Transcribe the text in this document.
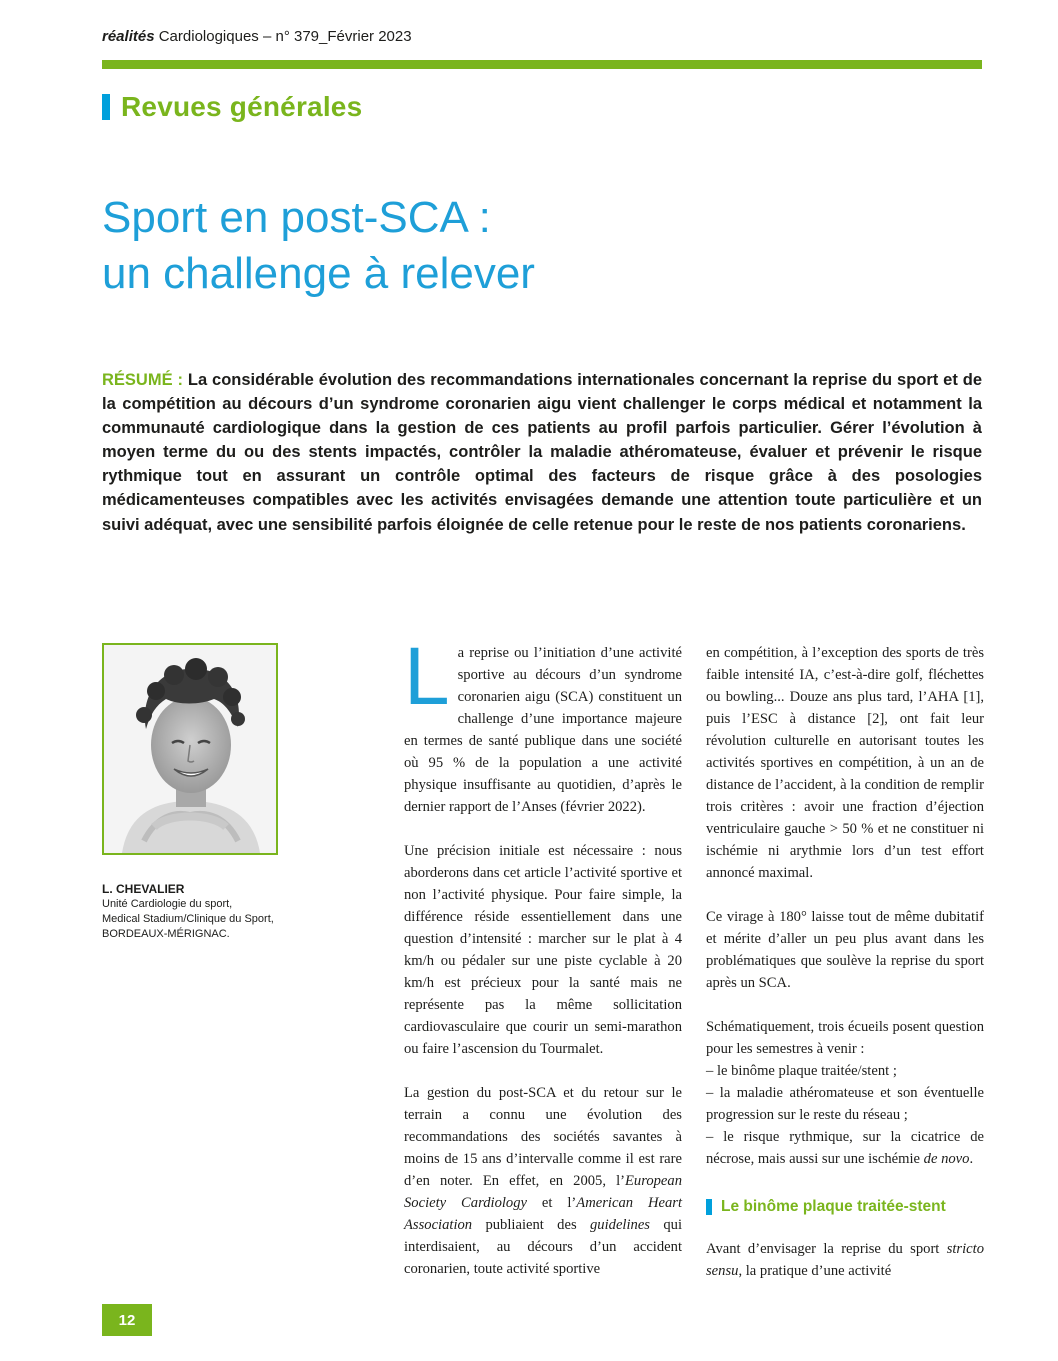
réalités Cardiologiques – n° 379_Février 2023
Revues générales
Sport en post-SCA :
un challenge à relever
RÉSUMÉ : La considérable évolution des recommandations internationales concernant la reprise du sport et de la compétition au décours d’un syndrome coronarien aigu vient challenger le corps médical et notamment la communauté cardiologique dans la gestion de ces patients au profil parfois particulier. Gérer l’évolution à moyen terme du ou des stents impactés, contrôler la maladie athéromateuse, évaluer et prévenir le risque rythmique tout en assurant un contrôle optimal des facteurs de risque grâce à des posologies médicamenteuses compatibles avec les activités envisagées demande une attention toute particulière et un suivi adéquat, avec une sensibilité parfois éloignée de celle retenue pour le reste de nos patients coronariens.
L. CHEVALIER
Unité Cardiologie du sport,
Medical Stadium/Clinique du Sport,
BORDEAUX-MÉRIGNAC.

La reprise ou l’initiation d’une activité sportive au décours d’un syndrome coronarien aigu (SCA) constituent un challenge d’une importance majeure en termes de santé publique dans une société où 95 % de la population a une activité physique insuffisante au quotidien, d’après le dernier rapport de l’Anses (février 2022).

Une précision initiale est nécessaire : nous aborderons dans cet article l’activité sportive et non l’activité physique. Pour faire simple, la différence réside essentiellement dans une question d’intensité : marcher sur le plat à 4 km/h ou pédaler sur une piste cyclable à 20 km/h est précieux pour la santé mais ne représente pas la même sollicitation cardiovasculaire que courir un semi-marathon ou faire l’ascension du Tourmalet.

La gestion du post-SCA et du retour sur le terrain a connu une évolution des recommandations des sociétés savantes à moins de 15 ans d’intervalle comme il est rare d’en noter. En effet, en 2005, l’European Society Cardiology et l’American Heart Association publiaient des guidelines qui interdisaient, au décours d’un accident coronarien, toute activité sportive

en compétition, à l’exception des sports de très faible intensité IA, c’est-à-dire golf, fléchettes ou bowling... Douze ans plus tard, l’AHA [1], puis l’ESC à distance [2], ont fait leur révolution culturelle en autorisant toutes les activités sportives en compétition, à un an de distance de l’accident, à la condition de remplir trois critères : avoir une fraction d’éjection ventriculaire gauche > 50 % et ne constituer ni ischémie ni arythmie lors d’un test effort annoncé maximal.

Ce virage à 180° laisse tout de même dubitatif et mérite d’aller un peu plus avant dans les problématiques que soulève la reprise du sport après un SCA.

Schématiquement, trois écueils posent question pour les semestres à venir :

– le binôme plaque traitée/stent ;

– la maladie athéromateuse et son éventuelle progression sur le reste du réseau ;

– le risque rythmique, sur la cicatrice de nécrose, mais aussi sur une ischémie de novo.

Le binôme plaque traitée-stent

Avant d’envisager la reprise du sport stricto sensu, la pratique d’une activité

12
